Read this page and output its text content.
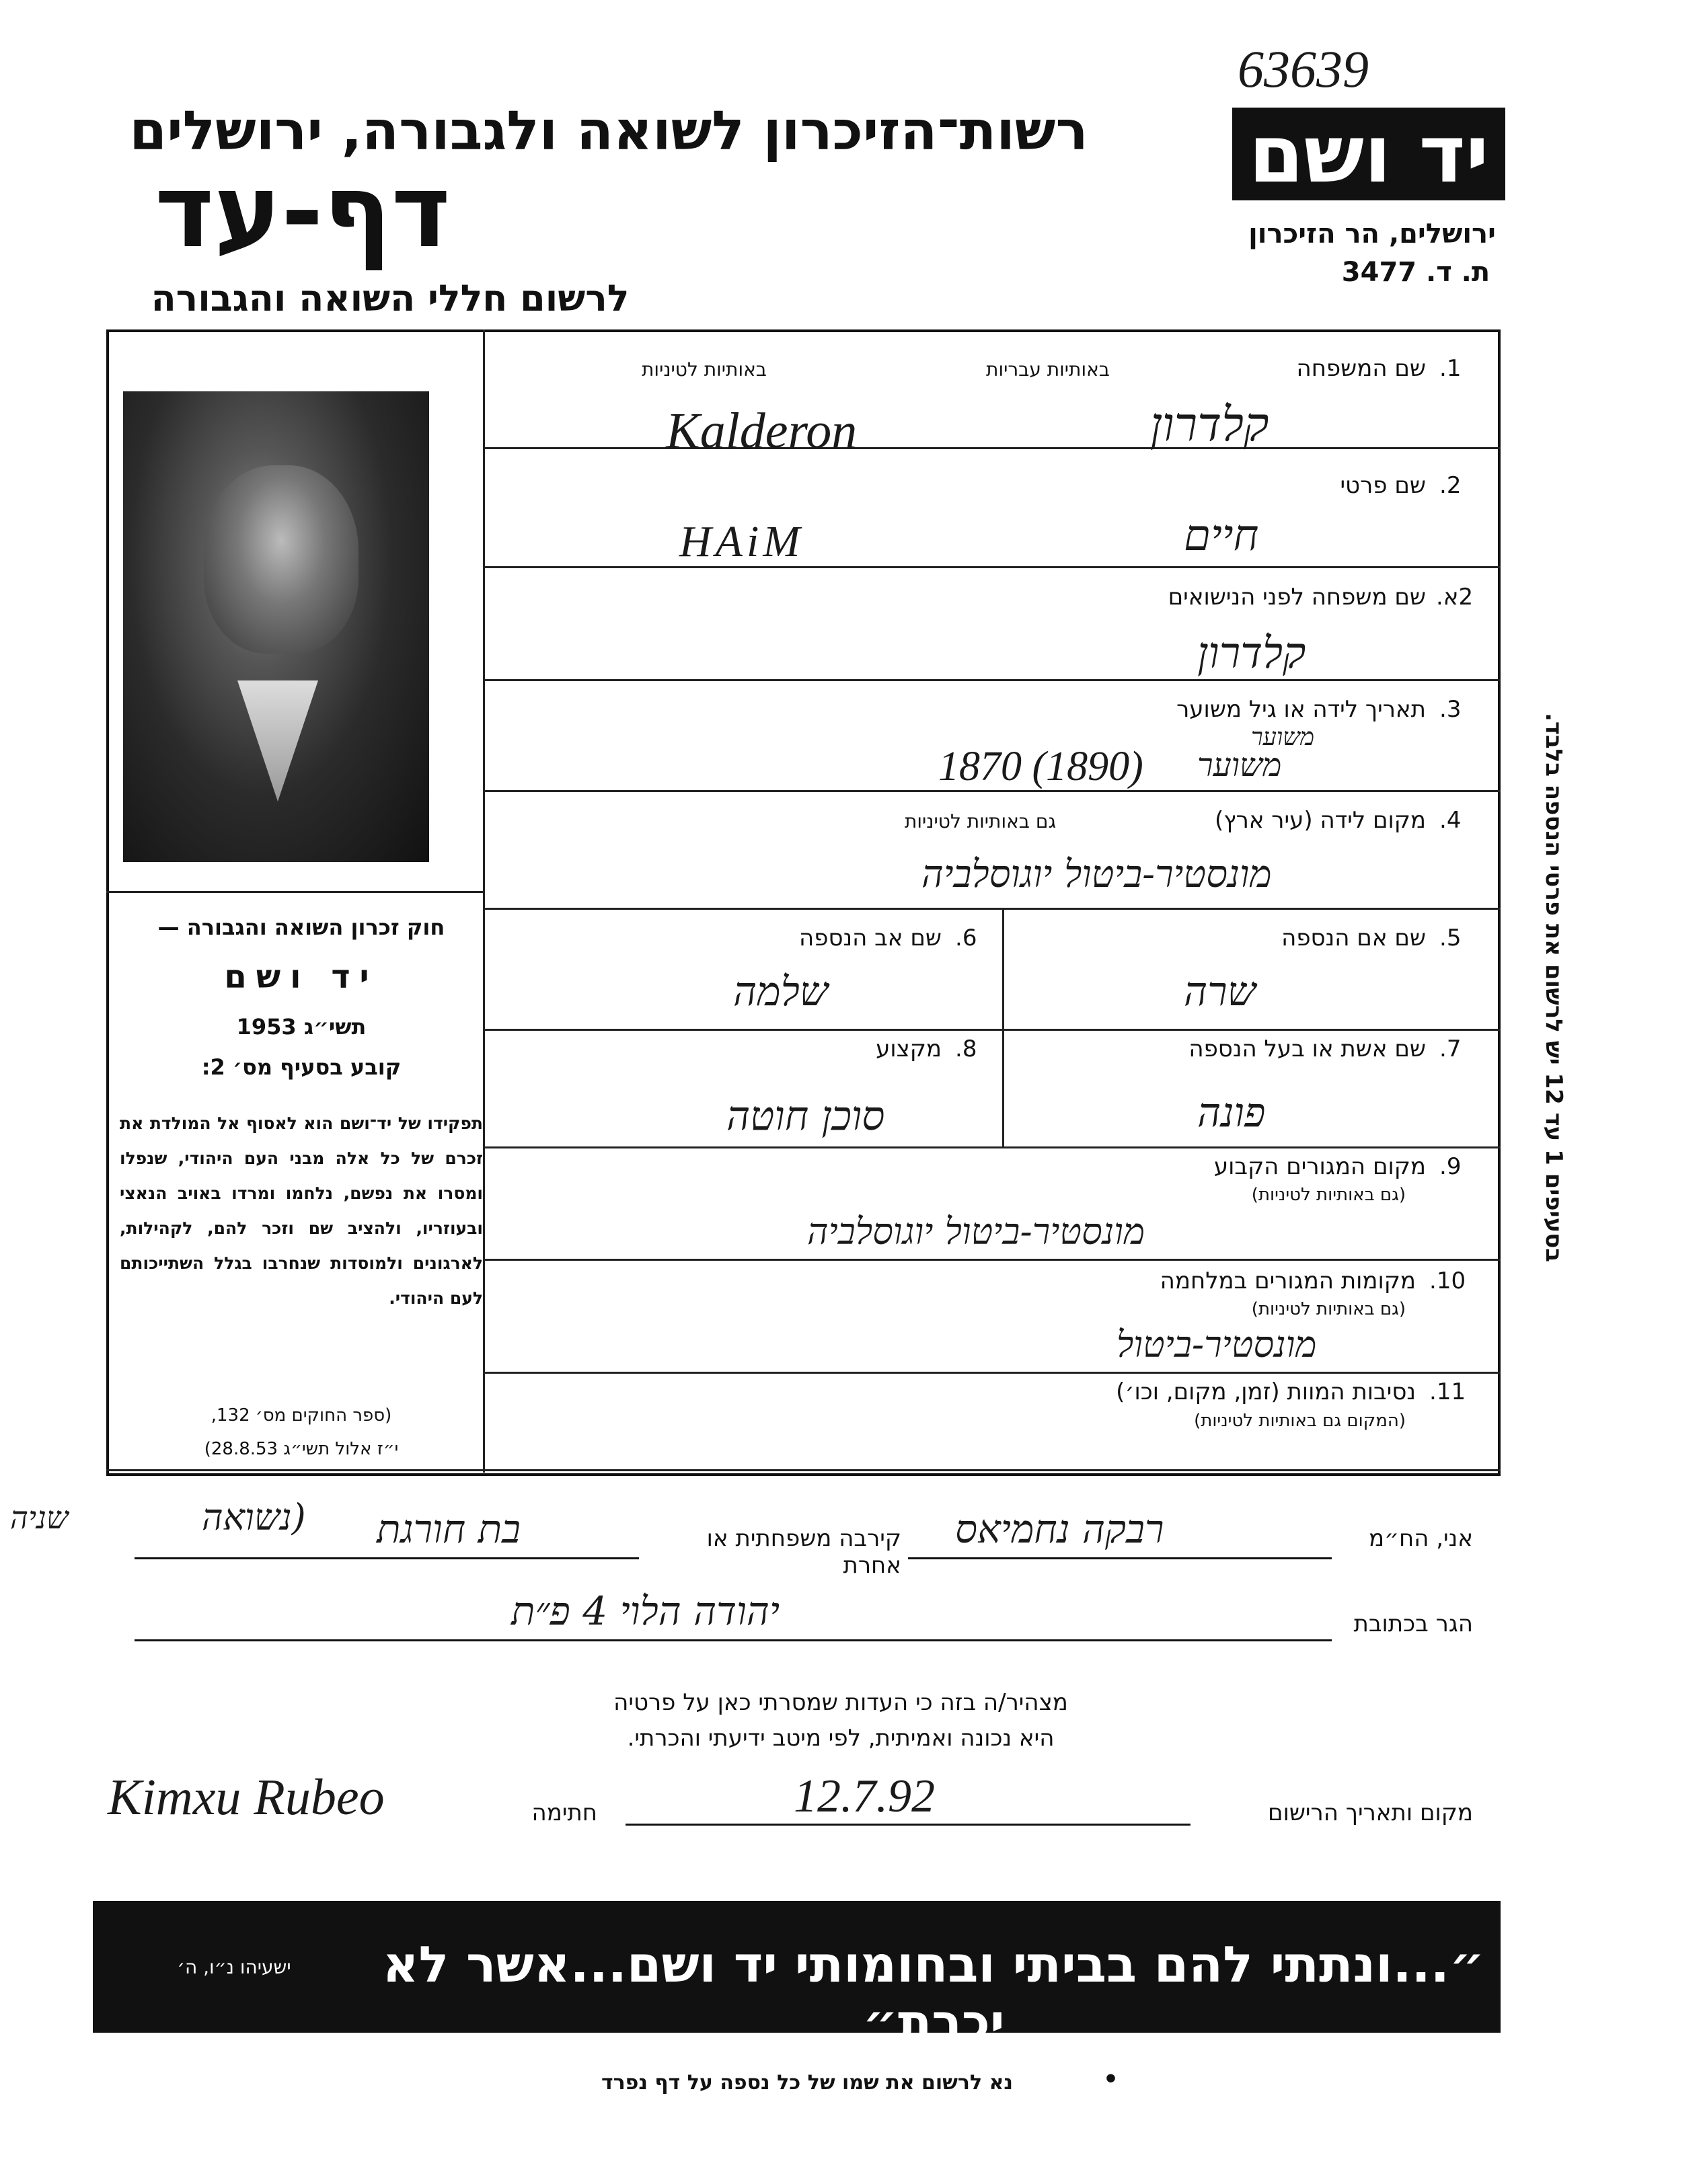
63639
רשות־הזיכרון לשואה ולגבורה, ירושלים
דף-עד
לרשום חללי השואה והגבורה
יד ושם
ירושלים, הר הזיכרון
ת. ד. 3477
חוק זכרון השואה והגבורה —
יד ושם
תשי״ג 1953
קובע בסעיף מס׳ 2:
תפקידו של יד־ושם הוא לאסוף אל המולדת את זכרם של כל אלה מבני העם היהודי, שנפלו ומסרו את נפשם, נלחמו ומרדו באויב הנאצי ובעוזריו, ולהציב שם וזכר להם, לקהילות, לארגונים ולמוסדות שנחרבו בגלל השתייכותם לעם היהודי.
(ספר החוקים מס׳ 132,
י״ז אלול תשי״ג 28.8.53)
1.
שם המשפחה
באותיות עבריות
באותיות לטיניות
קלדרון
Kalderon
2.
שם פרטי
חיים
HAiM
2א.
שם משפחה לפני הנישואים
קלדרון
3.
תאריך לידה או גיל משוער
משוער
1870 (1890) משוער
4.
מקום לידה (עיר ארץ)
גם באותיות לטיניות
מונסטיר-ביטול יוגוסלביה
5.
שם אם הנספה
שרה
6.
שם אב הנספה
שלמה
7.
שם אשת או בעל הנספה
פונה
8.
מקצוע
סוכן חוטה
9.
מקום המגורים הקבוע
(גם באותיות לטיניות)
מונסטיר-ביטול יוגוסלביה
10.
מקומות המגורים במלחמה
(גם באותיות לטיניות)
מונסטיר-ביטול
11.
נסיבות המוות (זמן, מקום, וכו׳)
(המקום גם באותיות לטיניות)
בסעיפים 1 עד 12 יש לרשום את פרטי הנספה בלבד.
אני, הח״מ
רבקה נחמיאס
קירבה משפחתית או אחרת
בת חורגת
(נשואה
שניה
הגר בכתובת
יהודה הלוי 4 פ״ת
מצהיר/ה בזה כי העדות שמסרתי כאן על פרטיה
היא נכונה ואמיתית, לפי מיטב ידיעתי והכרתי.
מקום ותאריך הרישום
12.7.92
חתימה
Kimxu Rubeo
״...ונתתי להם בביתי ובחומותי יד ושם...אשר לא יכרת״
ישעיהו נ״ו, ה׳
נא לרשום את שמו של כל נספה על דף נפרד	•
